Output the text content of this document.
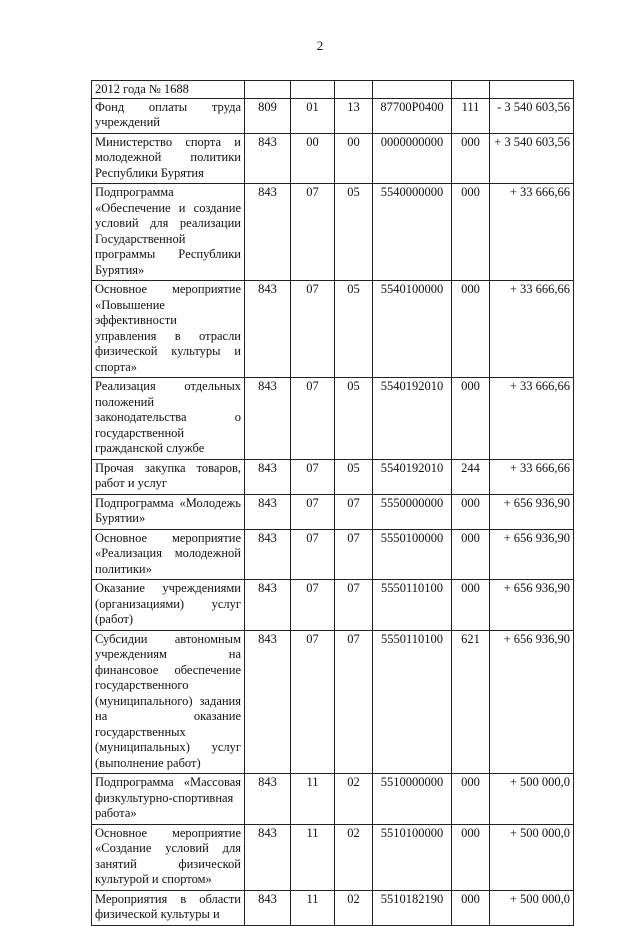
2
2012 года № 1688						
Фонд оплаты труда учреждений	809	01	13	87700Р0400	111	- 3 540 603,56
Министерство спорта и молодежной политики Республики Бурятия	843	00	00	0000000000	000	+ 3 540 603,56
Подпрограмма «Обеспечение и создание условий для реализации Государственной программы Республики Бурятия»	843	07	05	5540000000	000	+ 33 666,66
Основное мероприятие «Повышение эффективности управления в отрасли физической культуры и спорта»	843	07	05	5540100000	000	+ 33 666,66
Реализация отдельных положений законодательства о государственной гражданской службе	843	07	05	5540192010	000	+ 33 666,66
Прочая закупка товаров, работ и услуг	843	07	05	5540192010	244	+ 33 666,66
Подпрограмма «Молодежь Бурятии»	843	07	07	5550000000	000	+ 656 936,90
Основное мероприятие «Реализация молодежной политики»	843	07	07	5550100000	000	+ 656 936,90
Оказание учреждениями (организациями) услуг (работ)	843	07	07	5550110100	000	+ 656 936,90
Субсидии автономным учреждениям на финансовое обеспечение государственного (муниципального) задания на оказание государственных (муниципальных) услуг (выполнение работ)	843	07	07	5550110100	621	+ 656 936,90
Подпрограмма «Массовая физкультурно-спортивная работа»	843	11	02	5510000000	000	+ 500 000,0
Основное мероприятие «Создание условий для занятий физической культурой и спортом»	843	11	02	5510100000	000	+ 500 000,0
Мероприятия в области физической культуры и	843	11	02	5510182190	000	+ 500 000,0
